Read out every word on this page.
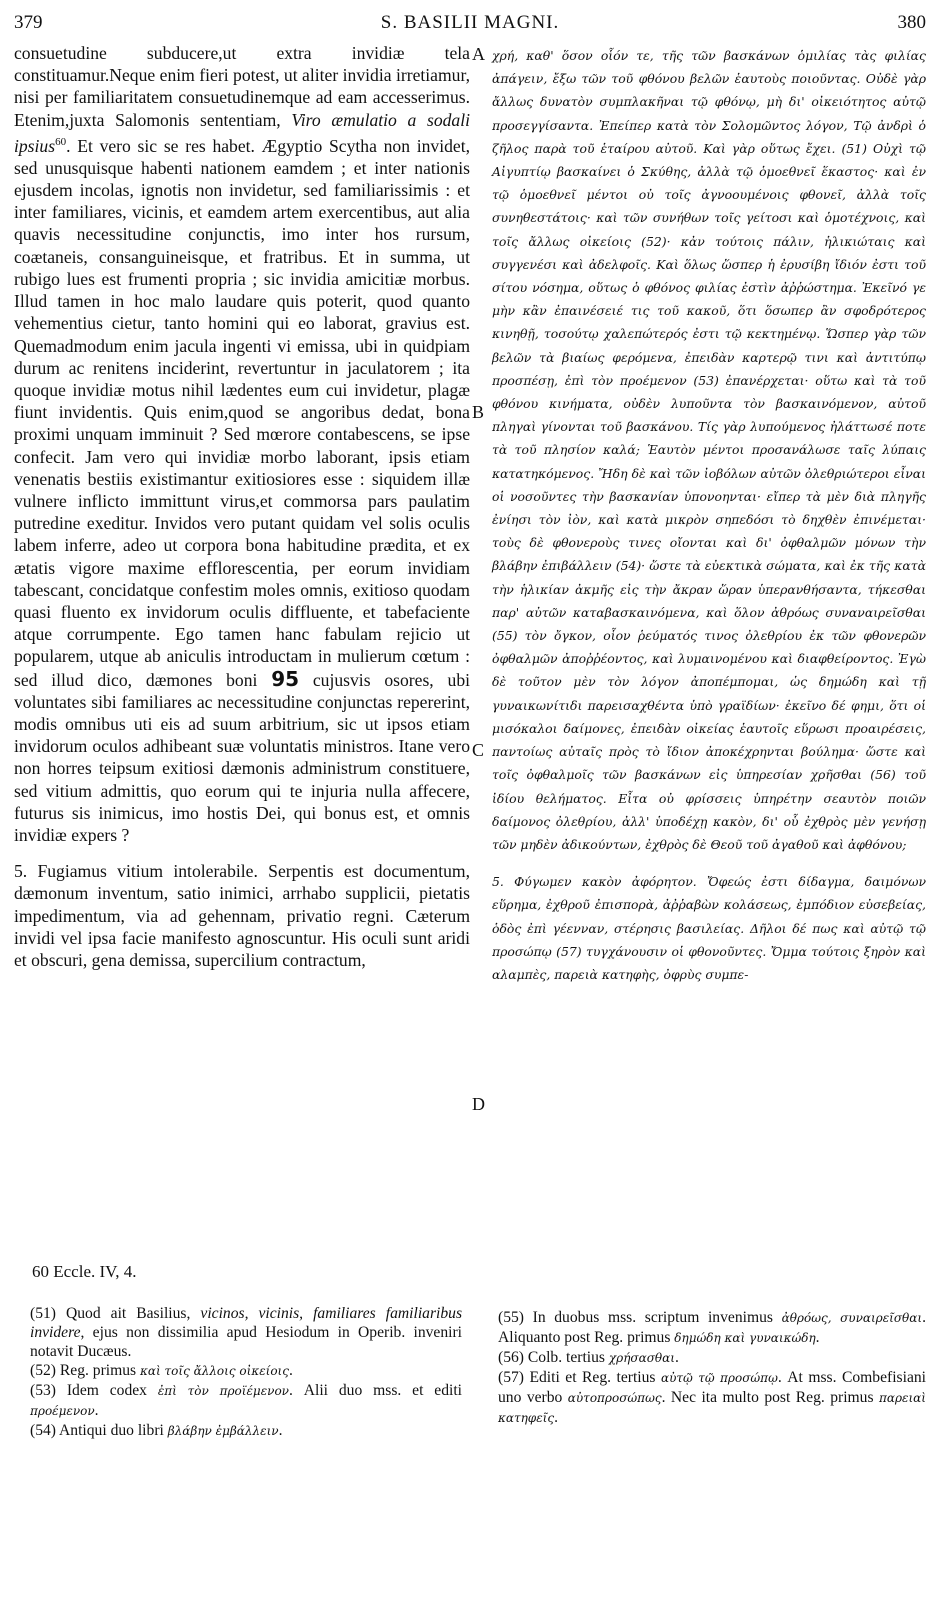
379	S. BASILII MAGNI.	380

consuetudine subducere,ut extra invidiæ tela constituamur.Neque enim fieri potest, ut aliter invidia irretiamur, nisi per familiaritatem consuetudinemque ad eam accesserimus. Etenim,juxta Salomonis sententiam, Viro æmulatio a sodali ipsius$^{60}$. Et vero sic se res habet. Ægyptio Scytha non invidet, sed unusquisque habenti nationem eamdem ; et inter nationis ejusdem incolas, ignotis non invidetur, sed familiarissimis : et inter familiares, vicinis, et eamdem artem exercentibus, aut alia quavis necessitudine conjunctis, imo inter hos rursum, coætaneis, consanguineisque, et fratribus. Et in summa, ut rubigo lues est frumenti propria ; sic invidia amicitiæ morbus. Illud tamen in hoc malo laudare quis poterit, quod quanto vehementius cietur, tanto homini qui eo laborat, gravius est. Quemadmodum enim jacula ingenti vi emissa, ubi in quidpiam durum ac renitens inciderint, revertuntur in jaculatorem ; ita quoque invidiæ motus nihil lædentes eum cui invidetur, plagæ fiunt invidentis. Quis enim,quod se angoribus dedat, bona proximi unquam imminuit ? Sed mœrore contabescens, se ipse confecit. Jam vero qui invidiæ morbo laborant, ipsis etiam venenatis bestiis existimantur exitiosiores esse : siquidem illæ vulnere inflicto immittunt virus,et commorsa pars paulatim putredine exeditur. Invidos vero putant quidam vel solis oculis labem inferre, adeo ut corpora bona habitudine prædita, et ex ætatis vigore maxime efflorescentia, per eorum invidiam tabescant, concidatque confestim moles omnis, exitioso quodam quasi fluento ex invidorum oculis diffluente, et tabefaciente atque corrumpente. Ego tamen hanc fabulam rejicio ut popularem, utque ab aniculis introductam in mulierum cœtum : sed illud dico, dæmones boni 95 cujusvis osores, ubi voluntates sibi familiares ac necessitudine conjunctas repererint, modis omnibus uti eis ad suum arbitrium, sic ut ipsos etiam invidorum oculos adhibeant suæ voluntatis ministros. Itane vero non horres teipsum exitiosi dæmonis administrum constituere, sed vitium admittis, quo eorum qui te injuria nulla affecere, futurus sis inimicus, imo hostis Dei, qui bonus est, et omnis invidiæ expers ?

5. Fugiamus vitium intolerabile. Serpentis est documentum, dæmonum inventum, satio inimici, arrhabo supplicii, pietatis impedimentum, via ad gehennam, privatio regni. Cæterum invidi vel ipsa facie manifesto agnoscuntur. His oculi sunt aridi et obscuri, gena demissa, supercilium contractum,

A
B
C
D

χρή, καθ' ὅσον οἷόν τε, τῆς τῶν βασκάνων ὁμιλίας τὰς φιλίας ἀπάγειν, ἔξω τῶν τοῦ φθόνου βελῶν ἑαυτοὺς ποιοῦντας. Οὐδὲ γὰρ ἄλλως δυνατὸν συμπλακῆναι τῷ φθόνῳ, μὴ δι' οἰκειότητος αὐτῷ προσεγγίσαντα. Ἐπείπερ κατὰ τὸν Σολομῶντος λόγον, Τῷ ἀνδρὶ ὁ ζῆλος παρὰ τοῦ ἑταίρου αὐτοῦ. Καὶ γὰρ οὕτως ἔχει. (51) Οὐχὶ τῷ Αἰγυπτίῳ βασκαίνει ὁ Σκύθης, ἀλλὰ τῷ ὁμοεθνεῖ ἕκαστος· καὶ ἐν τῷ ὁμοεθνεῖ μέντοι οὐ τοῖς ἀγνοουμένοις φθονεῖ, ἀλλὰ τοῖς συνηθεστάτοις· καὶ τῶν συνήθων τοῖς γείτοσι καὶ ὁμοτέχνοις, καὶ τοῖς ἄλλως οἰκείοις (52)· κἀν τούτοις πάλιν, ἡλικιώταις καὶ συγγενέσι καὶ ἀδελφοῖς. Καὶ ὅλως ὥσπερ ἡ ἐρυσίβη ἴδιόν ἐστι τοῦ σίτου νόσημα, οὕτως ὁ φθόνος φιλίας ἐστὶν ἀῤῥώστημα. Ἐκεῖνό γε μὴν κἂν ἐπαινέσειέ τις τοῦ κακοῦ, ὅτι ὅσωπερ ἂν σφοδρότερος κινηθῇ, τοσούτῳ χαλεπώτερός ἐστι τῷ κεκτημένῳ. Ὥσπερ γὰρ τῶν βελῶν τὰ βιαίως φερόμενα, ἐπειδὰν καρτερῷ τινι καὶ ἀντιτύπῳ προσπέσῃ, ἐπὶ τὸν προέμενον (53) ἐπανέρχεται· οὕτω καὶ τὰ τοῦ φθόνου κινήματα, οὐδὲν λυποῦντα τὸν βασκαινόμενον, αὐτοῦ πληγαὶ γίνονται τοῦ βασκάνου. Τίς γὰρ λυπούμενος ἠλάττωσέ ποτε τὰ τοῦ πλησίον καλά; Ἑαυτὸν μέντοι προσανάλωσε ταῖς λύπαις κατατηκόμενος. Ἤδη δὲ καὶ τῶν ἰοβόλων αὐτῶν ὀλεθριώτεροι εἶναι οἱ νοσοῦντες τὴν βασκανίαν ὑπονοηνται· εἴπερ τὰ μὲν διὰ πληγῆς ἐνίησι τὸν ἰὸν, καὶ κατὰ μικρὸν σηπεδόσι τὸ δηχθὲν ἐπινέμεται· τοὺς δὲ φθονεροὺς τινες οἴονται καὶ δι' ὀφθαλμῶν μόνων τὴν βλάβην ἐπιβάλλειν (54)· ὥστε τὰ εὐεκτικὰ σώματα, καὶ ἐκ τῆς κατὰ τὴν ἡλικίαν ἀκμῆς εἰς τὴν ἄκραν ὥραν ὑπερανθήσαντα, τήκεσθαι παρ' αὐτῶν καταβασκαινόμενα, καὶ ὅλον ἀθρόως συναναιρεῖσθαι (55) τὸν ὄγκον, οἷον ῥεύματός τινος ὀλεθρίου ἐκ τῶν φθονερῶν ὀφθαλμῶν ἀποῤῥέοντος, καὶ λυμαινομένου καὶ διαφθείροντος. Ἐγὼ δὲ τοῦτον μὲν τὸν λόγον ἀποπέμπομαι, ὡς δημώδη καὶ τῇ γυναικωνίτιδι παρεισαχθέντα ὑπὸ γραϊδίων· ἐκεῖνο δέ φημι, ὅτι οἱ μισόκαλοι δαίμονες, ἐπειδὰν οἰκείας ἑαυτοῖς εὕρωσι προαιρέσεις, παντοίως αὐταῖς πρὸς τὸ ἴδιον ἀποκέχρηνται βούλημα· ὥστε καὶ τοῖς ὀφθαλμοῖς τῶν βασκάνων εἰς ὑπηρεσίαν χρῆσθαι (56) τοῦ ἰδίου θελήματος. Εἶτα οὐ φρίσσεις ὑπηρέτην σεαυτὸν ποιῶν δαίμονος ὀλεθρίου, ἀλλ' ὑποδέχῃ κακὸν, δι' οὗ ἐχθρὸς μὲν γενήσῃ τῶν μηδὲν ἀδικούντων, ἐχθρὸς δὲ Θεοῦ τοῦ ἀγαθοῦ καὶ ἀφθόνου;

5. Φύγωμεν κακὸν ἀφόρητον. Ὄφεώς ἐστι δίδαγμα, δαιμόνων εὕρημα, ἐχθροῦ ἐπισπορὰ, ἀῤῥαβὼν κολάσεως, ἐμπόδιον εὐσεβείας, ὁδὸς ἐπὶ γέενναν, στέρησις βασιλείας. Δῆλοι δέ πως καὶ αὐτῷ τῷ προσώπῳ (57) τυγχάνουσιν οἱ φθονοῦντες. Ὄμμα τούτοις ξηρὸν καὶ αλαμπὲς, παρειὰ κατηφὴς, ὀφρὺς συμπε-

60 Eccle. IV, 4.

(51) Quod ait Basilius, vicinos, vicinis, familiares familiaribus invidere, ejus non dissimilia apud Hesiodum in Operib. inveniri notavit Ducæus.

(52) Reg. primus καὶ τοῖς ἄλλοις οἰκείοις.

(53) Idem codex ἐπὶ τὸν προϊέμενον. Alii duo mss. et editi προέμενον.

(54) Antiqui duo libri βλάβην ἐμβάλλειν.

(55) In duobus mss. scriptum invenimus ἀθρόως, συναιρεῖσθαι. Aliquanto post Reg. primus δημώδη καὶ γυναικώδη.

(56) Colb. tertius χρήσασθαι.

(57) Editi et Reg. tertius αὐτῷ τῷ προσώπῳ. At mss. Combefisiani uno verbo αὐτοπροσώπως. Nec ita multo post Reg. primus παρειαὶ κατηφεῖς.
